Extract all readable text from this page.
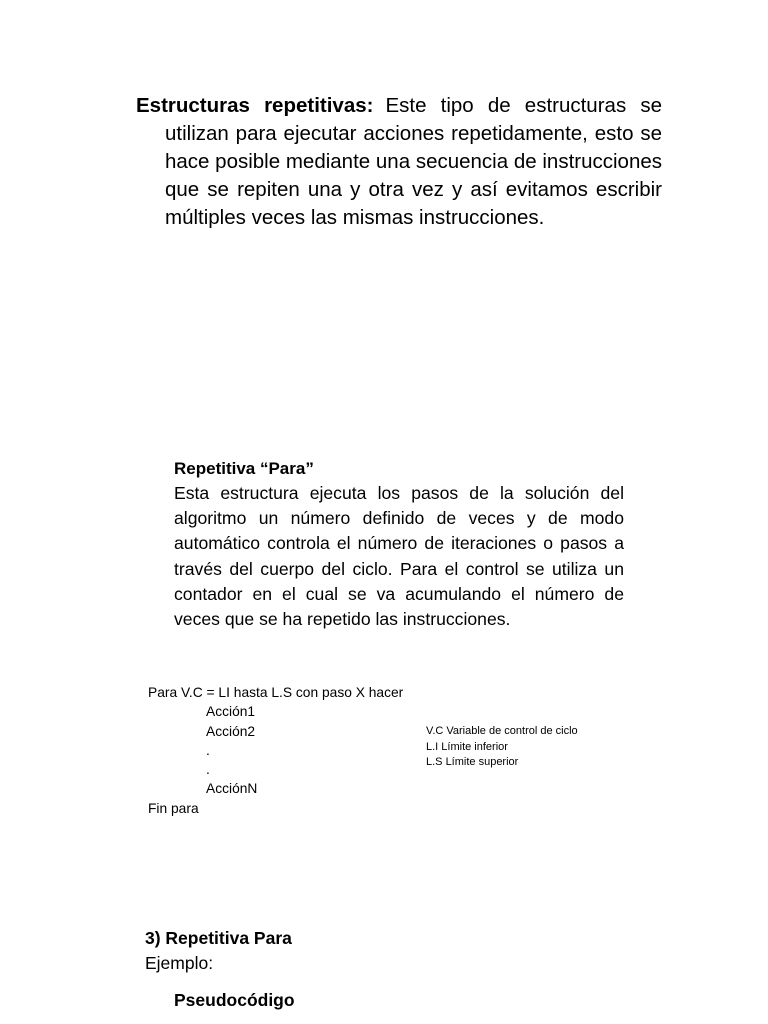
Estructuras repetitivas: Este tipo de estructuras se utilizan para ejecutar acciones repetidamente, esto se hace posible mediante una secuencia de instrucciones que se repiten una y otra vez y así evitamos escribir múltiples veces las mismas instrucciones.
Repetitiva “Para”
Esta estructura ejecuta los pasos de la solución del algoritmo un número definido de veces y de modo automático controla el número de iteraciones o pasos a través del cuerpo del ciclo. Para el control se utiliza un contador en el cual se va acumulando el número de veces que se ha repetido las instrucciones.
Para V.C = LI hasta L.S con paso X hacer
Acción1
Acción2
.
.
AcciónN
Fin para
V.C Variable de control de ciclo
L.I Límite inferior
L.S Límite superior
3) Repetitiva Para
Ejemplo:
Pseudocódigo
